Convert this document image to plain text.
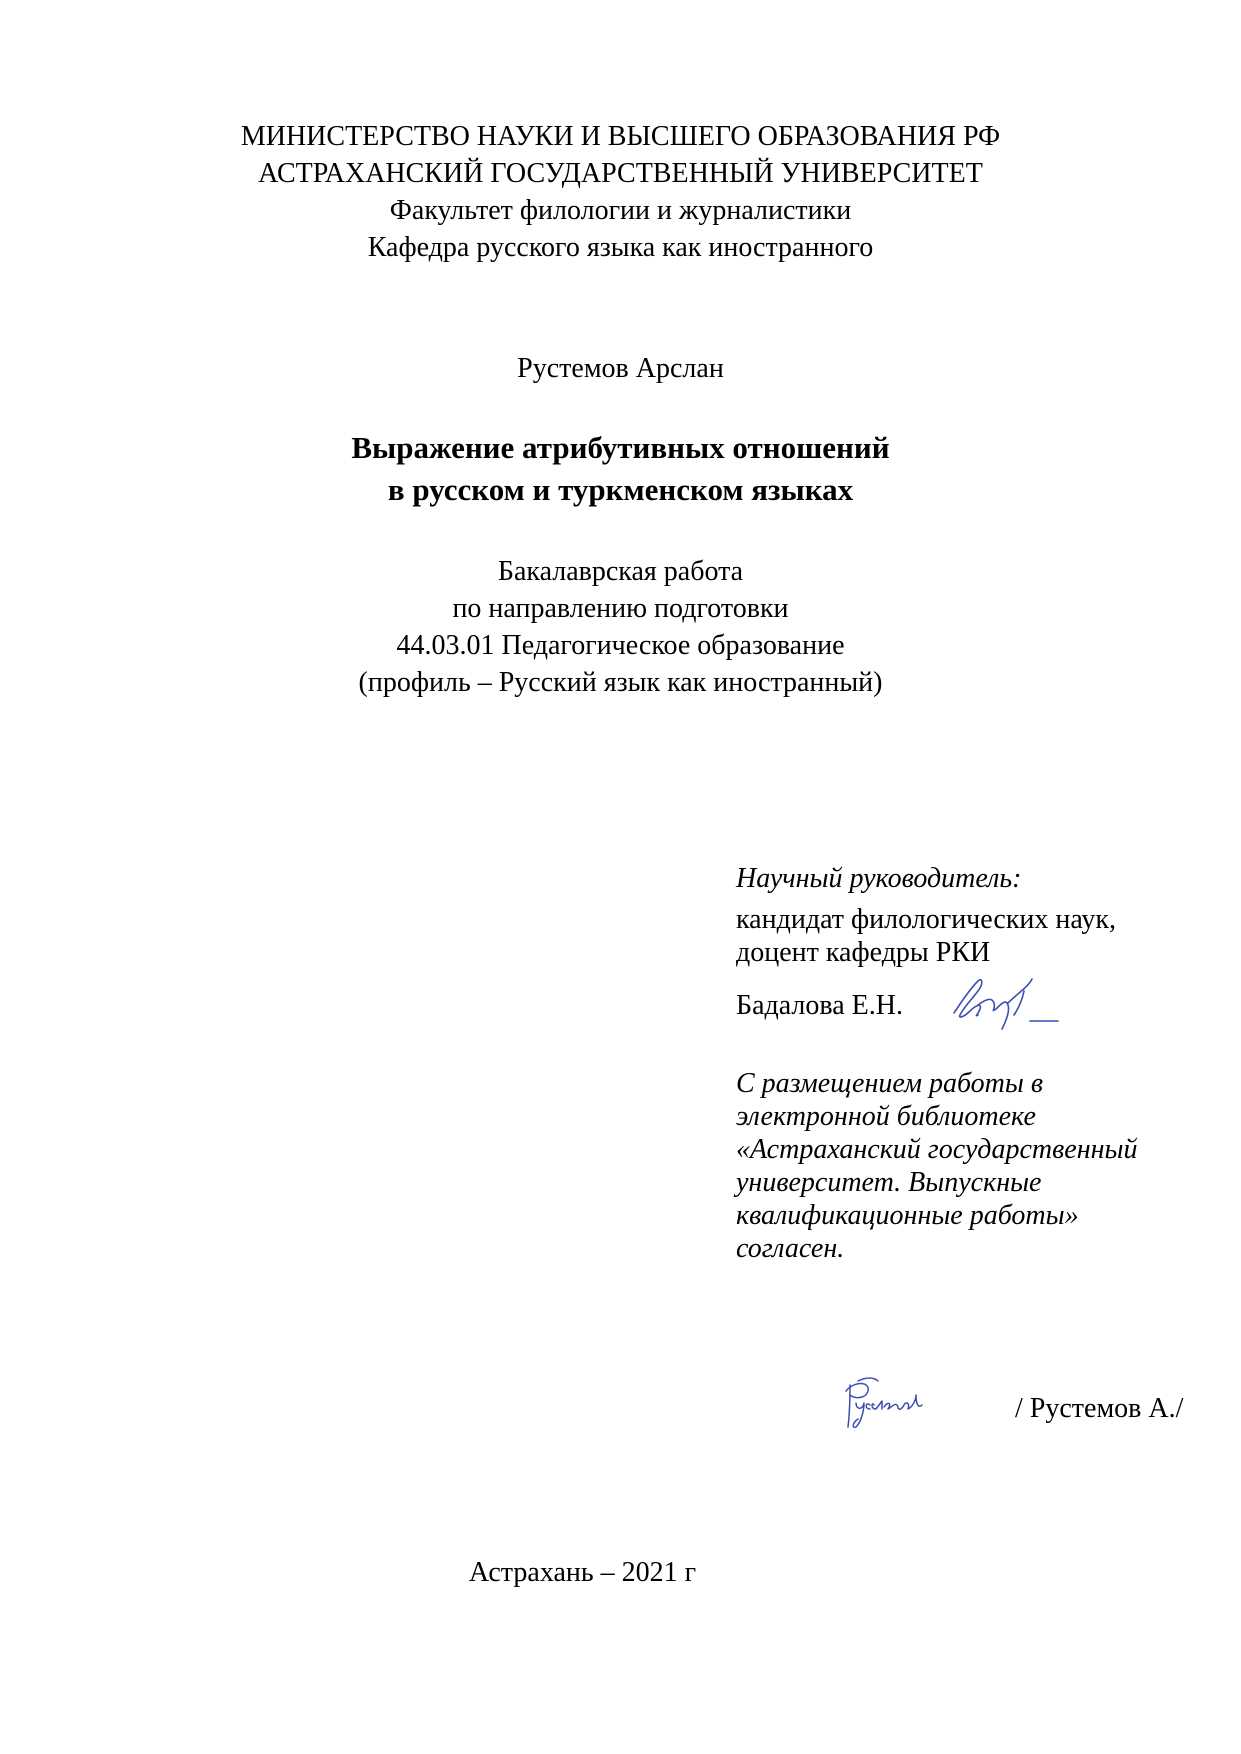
МИНИСТЕРСТВО НАУКИ И ВЫСШЕГО ОБРАЗОВАНИЯ РФ
АСТРАХАНСКИЙ ГОСУДАРСТВЕННЫЙ УНИВЕРСИТЕТ
Факультет филологии и журналистики
Кафедра русского языка как иностранного
Рустемов Арслан
Выражение атрибутивных отношений
в русском и туркменском языках
Бакалаврская работа
по направлению подготовки
44.03.01 Педагогическое образование
(профиль – Русский язык как иностранный)
Научный руководитель:
кандидат филологических наук,
доцент кафедры РКИ
Бадалова Е.Н.
С размещением работы в
электронной библиотеке
«Астраханский государственный
университет. Выпускные
квалификационные работы»
согласен.
/ Рустемов А./
Астрахань – 2021 г
